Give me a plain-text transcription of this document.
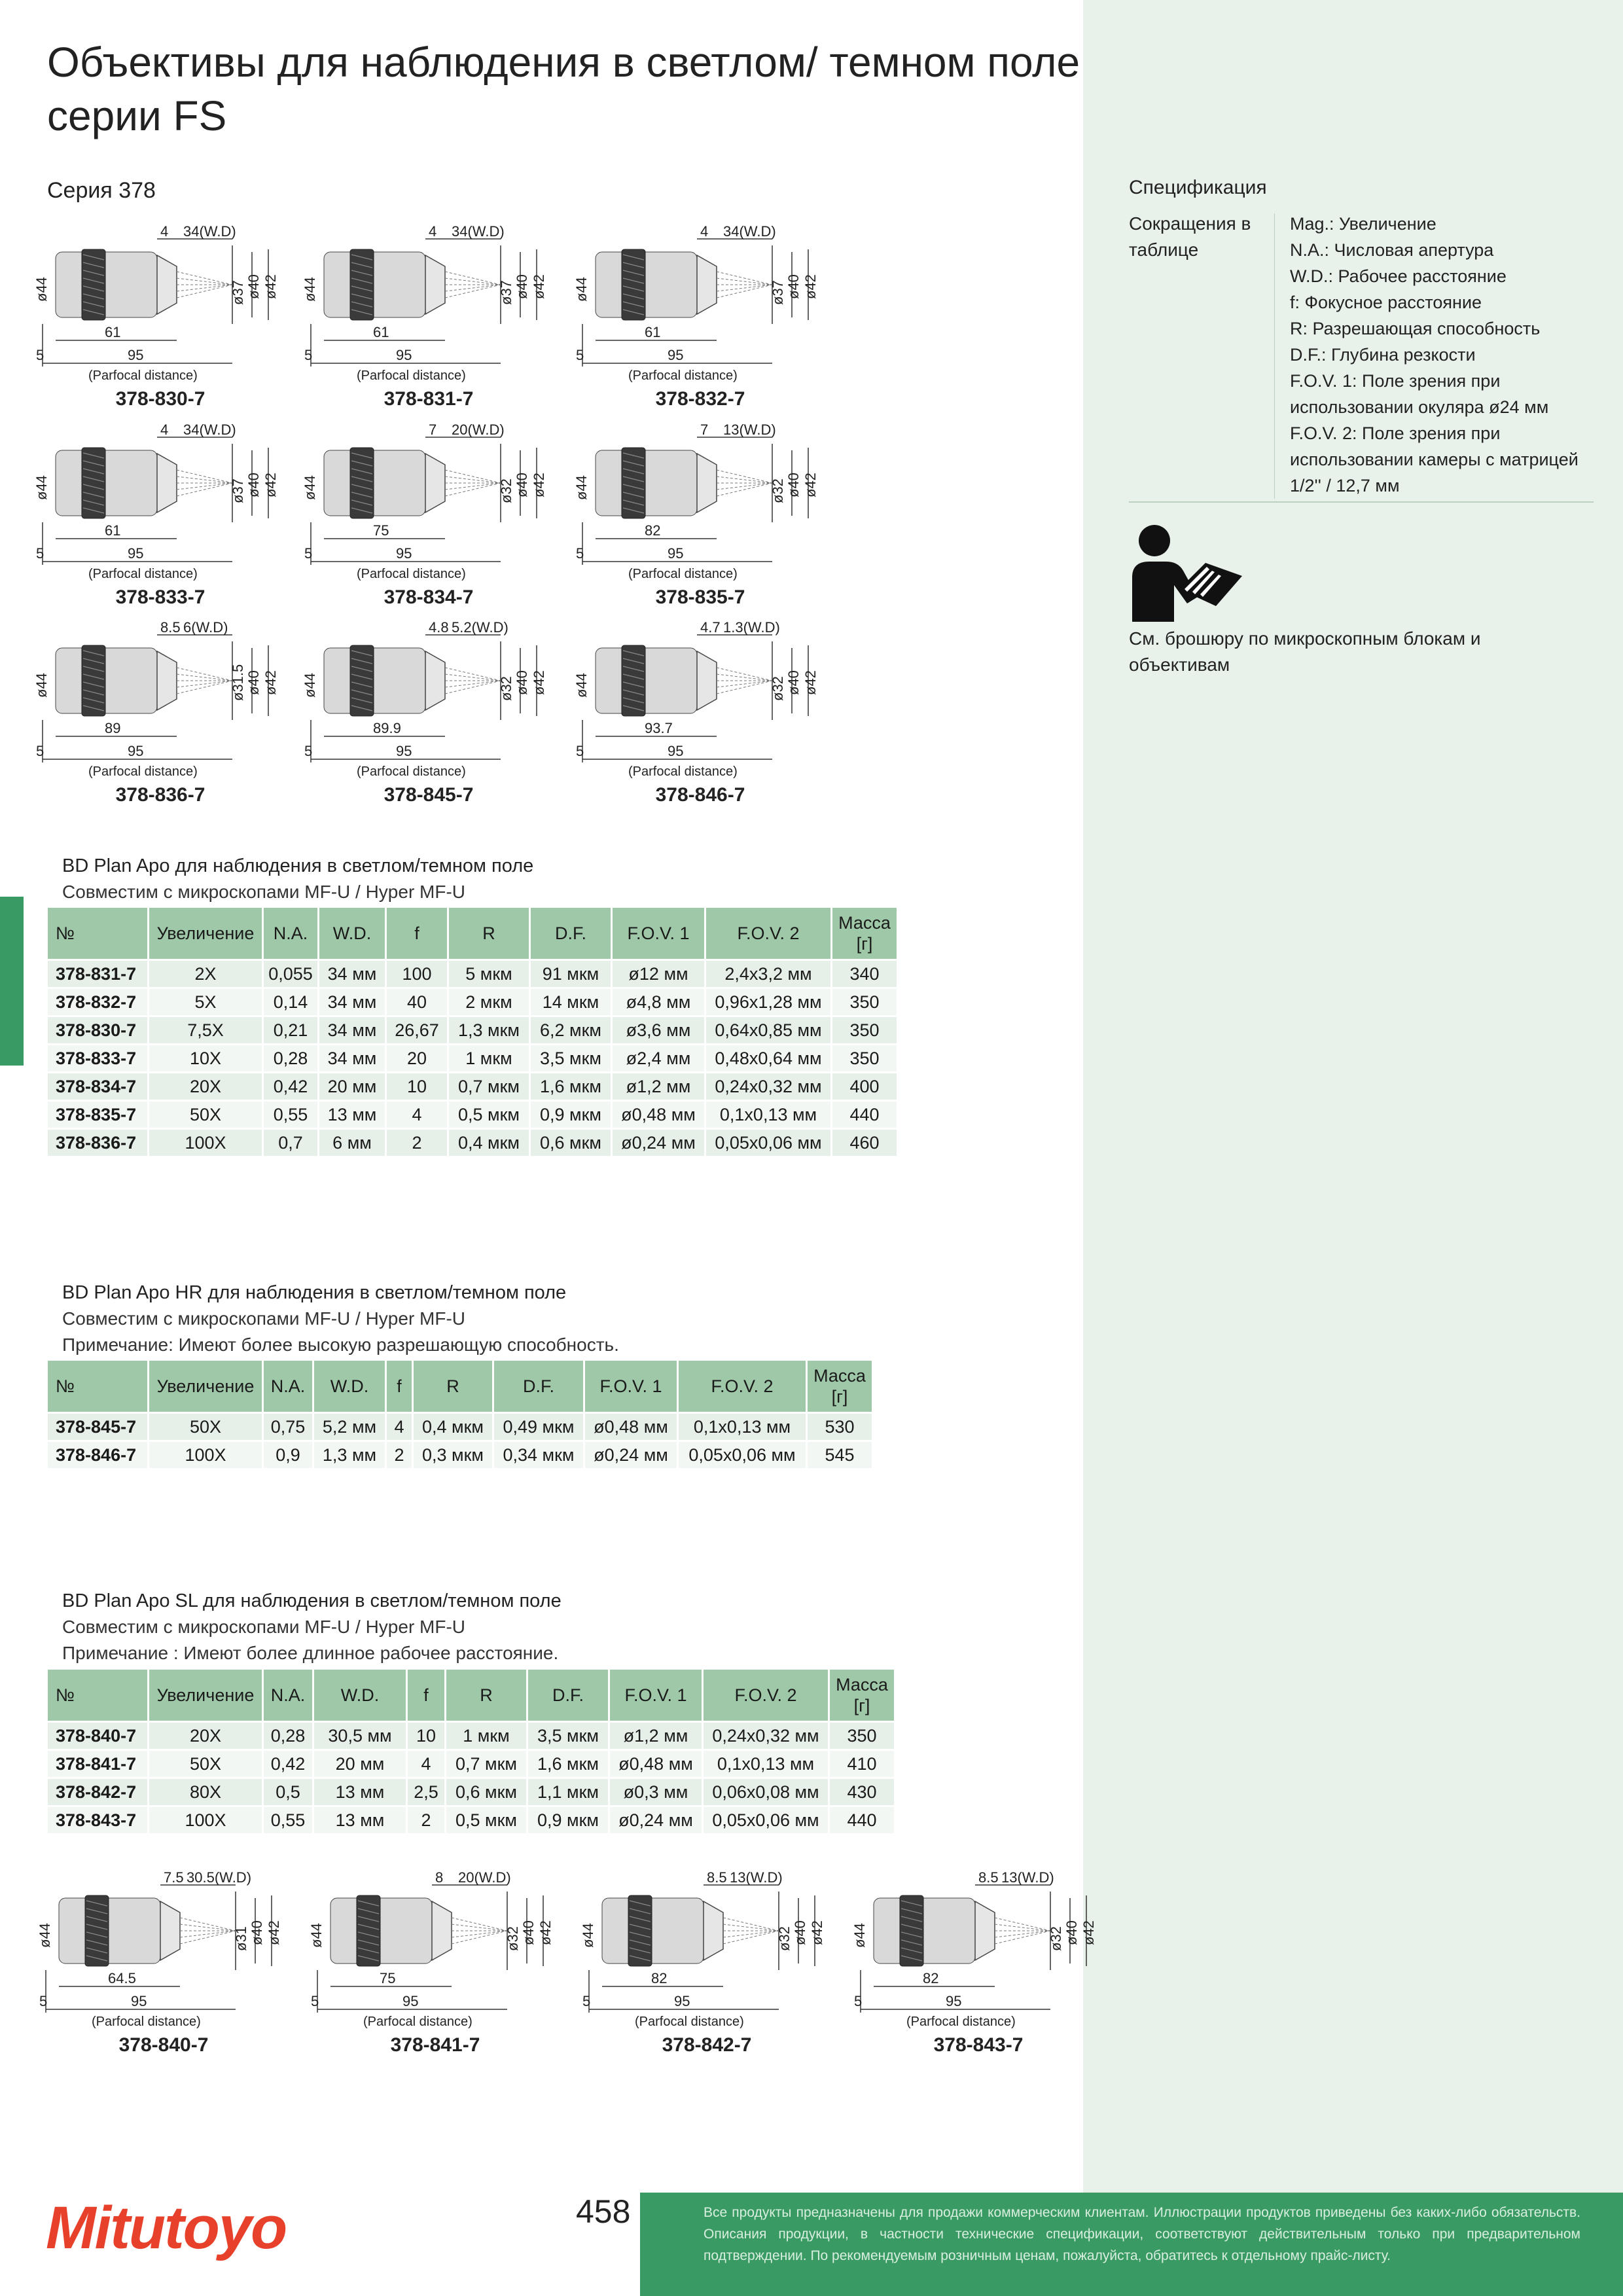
Объективы для наблюдения в светлом/ темном поле серии FS
Серия 378
ø44	ø37 ø40 ø42
4 34(W.D)
61
95
5
(Parfocal distance)
378-830-7
ø44	ø37 ø40 ø42
4 34(W.D)
61
95
5
(Parfocal distance)
378-831-7
ø44	ø37 ø40 ø42
4 34(W.D)
61
95
5
(Parfocal distance)
378-832-7
ø44	ø37 ø40 ø42
4 34(W.D)
61
95
5
(Parfocal distance)
378-833-7
ø44	ø32 ø40 ø42
7 20(W.D)
75
95
5
(Parfocal distance)
378-834-7
ø44	ø32 ø40 ø42
7 13(W.D)
82
95
5
(Parfocal distance)
378-835-7
ø44	ø31.5 ø40 ø42
8.5 6(W.D)
89
95
5
(Parfocal distance)
378-836-7
ø44	ø32 ø40 ø42
4.8 5.2(W.D)
89.9
95
5
(Parfocal distance)
378-845-7
ø44	ø32 ø40 ø42
4.7 1.3(W.D)
93.7
95
5
(Parfocal distance)
378-846-7
ø44	ø31 ø40 ø42
7.5 30.5(W.D)
64.5
95
5
(Parfocal distance)
378-840-7
ø44	ø32 ø40 ø42
8 20(W.D)
75
95
5
(Parfocal distance)
378-841-7
ø44	ø32 ø40 ø42
8.5 13(W.D)
82
95
5
(Parfocal distance)
378-842-7
ø44	ø32 ø40 ø42
8.5 13(W.D)
82
95
5
(Parfocal distance)
378-843-7
Спецификация
Сокращения в таблице
Mag.: Увеличение
N.A.: Числовая апертура
W.D.: Рабочее расстояние
f: Фокусное расстояние
R: Разрешающая способность
D.F.: Глубина резкости
F.O.V. 1: Поле зрения при использовании окуляра ø24 мм
F.O.V. 2: Поле зрения при использовании камеры с матрицей 1/2'' / 12,7 мм
См. брошюру по микроскопным блокам и объективам
BD Plan Apo для наблюдения в светлом/темном поле
Совместим с микроскопами MF-U / Hyper MF-U
№	Увеличение	N.A.	W.D.	f	R	D.F.	F.O.V. 1	F.O.V. 2	Масса [г]
378-831-7	2X	0,055	34 мм	100	5 мкм	91 мкм	ø12 мм	2,4x3,2 мм	340
378-832-7	5X	0,14	34 мм	40	2 мкм	14 мкм	ø4,8 мм	0,96x1,28 мм	350
378-830-7	7,5X	0,21	34 мм	26,67	1,3 мкм	6,2 мкм	ø3,6 мм	0,64x0,85 мм	350
378-833-7	10X	0,28	34 мм	20	1 мкм	3,5 мкм	ø2,4 мм	0,48x0,64 мм	350
378-834-7	20X	0,42	20 мм	10	0,7 мкм	1,6 мкм	ø1,2 мм	0,24x0,32 мм	400
378-835-7	50X	0,55	13 мм	4	0,5 мкм	0,9 мкм	ø0,48 мм	0,1x0,13 мм	440
378-836-7	100X	0,7	6 мм	2	0,4 мкм	0,6 мкм	ø0,24 мм	0,05x0,06 мм	460
BD Plan Apo HR для наблюдения в светлом/темном поле
Совместим с микроскопами MF-U / Hyper MF-U
Примечание: Имеют более высокую разрешающую способность.
№	Увеличение	N.A.	W.D.	f	R	D.F.	F.O.V. 1	F.O.V. 2	Масса [г]
378-845-7	50X	0,75	5,2 мм	4	0,4 мкм	0,49 мкм	ø0,48 мм	0,1x0,13 мм	530
378-846-7	100X	0,9	1,3 мм	2	0,3 мкм	0,34 мкм	ø0,24 мм	0,05x0,06 мм	545
BD Plan Apo SL для наблюдения в светлом/темном поле
Совместим с микроскопами MF-U / Hyper MF-U
Примечание : Имеют более длинное рабочее расстояние.
№	Увеличение	N.A.	W.D.	f	R	D.F.	F.O.V. 1	F.O.V. 2	Масса [г]
378-840-7	20X	0,28	30,5 мм	10	1 мкм	3,5 мкм	ø1,2 мм	0,24x0,32 мм	350
378-841-7	50X	0,42	20 мм	4	0,7 мкм	1,6 мкм	ø0,48 мм	0,1x0,13 мм	410
378-842-7	80X	0,5	13 мм	2,5	0,6 мкм	1,1 мкм	ø0,3 мм	0,06x0,08 мм	430
378-843-7	100X	0,55	13 мм	2	0,5 мкм	0,9 мкм	ø0,24 мм	0,05x0,06 мм	440
Mitutoyo	458	Все продукты предназначены для продажи коммерческим клиентам. Иллюстрации продуктов приведены без каких-либо обязательств. Описания продукции, в частности технические спецификации, соответствуют действительным только при предварительном подтверждении. По рекомендуемым розничным ценам, пожалуйста, обратитесь к отдельному прайс-листу.
